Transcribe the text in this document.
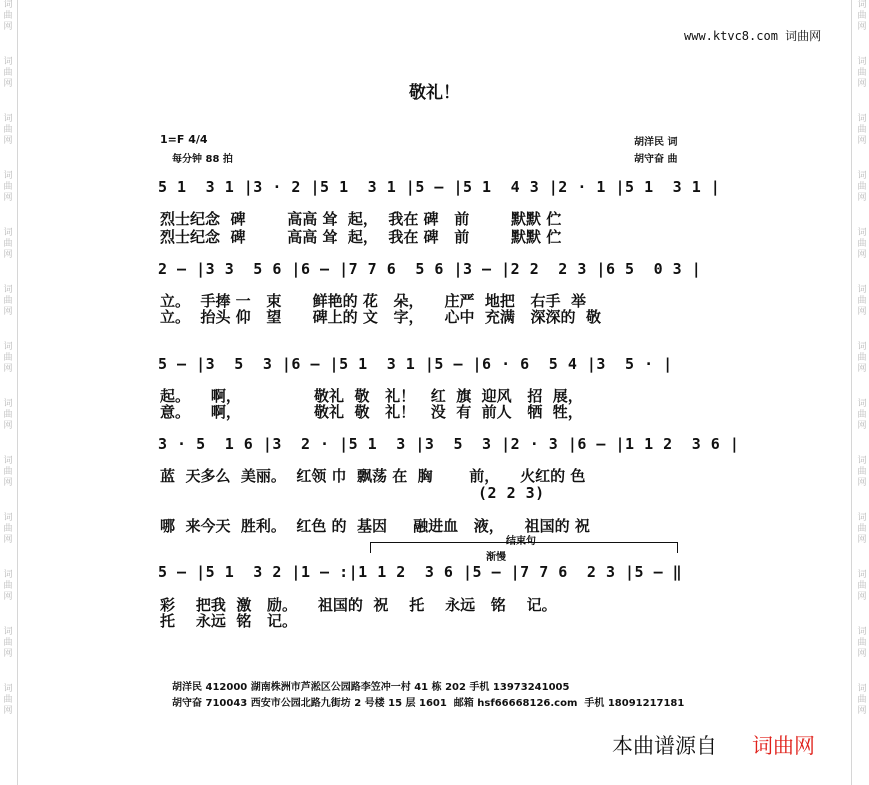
词
曲
网
词
曲
网
词
曲
网
词
曲
网
词
曲
网
词
曲
网
词
曲
网
词
曲
网
词
曲
网
词
曲
网
词
曲
网
词
曲
网
词
曲
网
词
曲
网
词
曲
网
词
曲
网
词
曲
网
词
曲
网
词
曲
网
词
曲
网
词
曲
网
词
曲
网
词
曲
网
词
曲
网
词
曲
网
词
曲
网
www.ktvc8.com 词曲网
敬礼！
1=F 4/4
每分钟 88 拍
胡洋民 词
胡守奋 曲
5 1  3 1 |3 · 2 |5 1  3 1 |5 — |5 1  4 3 |2 · 1 |5 1  3 1 |
烈士纪念  碑        高高 耸  起，  我在 碑   前        默默 伫
烈士纪念  碑        高高 耸  起，  我在 碑   前        默默 伫
2 — |3 3  5 6 |6 — |7 7 6  5 6 |3 — |2 2  2 3 |6 5  0 3 |
立。  手捧 一   束      鲜艳的 花   朵，    庄严  地把   右手  举
立。  抬头 仰   望      碑上的 文   字，    心中  充满   深深的  敬
5 — |3  5  3 |6 — |5 1  3 1 |5 — |6 · 6  5 4 |3  5 · |
起。    啊，              敬礼  敬   礼！   红  旗  迎风   招  展，
意。    啊，              敬礼  敬   礼！   没  有  前人   牺  牲，
3 · 5  1 6 |3  2 · |5 1  3 |3  5  3 |2 · 3 |6 — |1 1 2  3 6 |
蓝  天多么  美丽。  红领 巾  飘荡 在  胸       前，    火红的 色
(2 2 3)
哪  来今天  胜利。  红色 的  基因     融进血   液，    祖国的 祝
结束句
渐慢
5 — |5 1  3 2 |1 — :|1 1 2  3 6 |5 — |7 7 6  2 3 |5 — ‖
彩    把我  激   励。    祖国的  祝    托    永远   铭    记。
托    永远  铭   记。
胡洋民 412000 湖南株洲市芦淞区公园路李笠冲一村 41 栋 202 手机 13973241005
胡守奋 710043 西安市公园北路九街坊 2 号楼 15 层 1601  邮箱 hsf66668126.com  手机 18091217181
本曲谱源自 词曲网
